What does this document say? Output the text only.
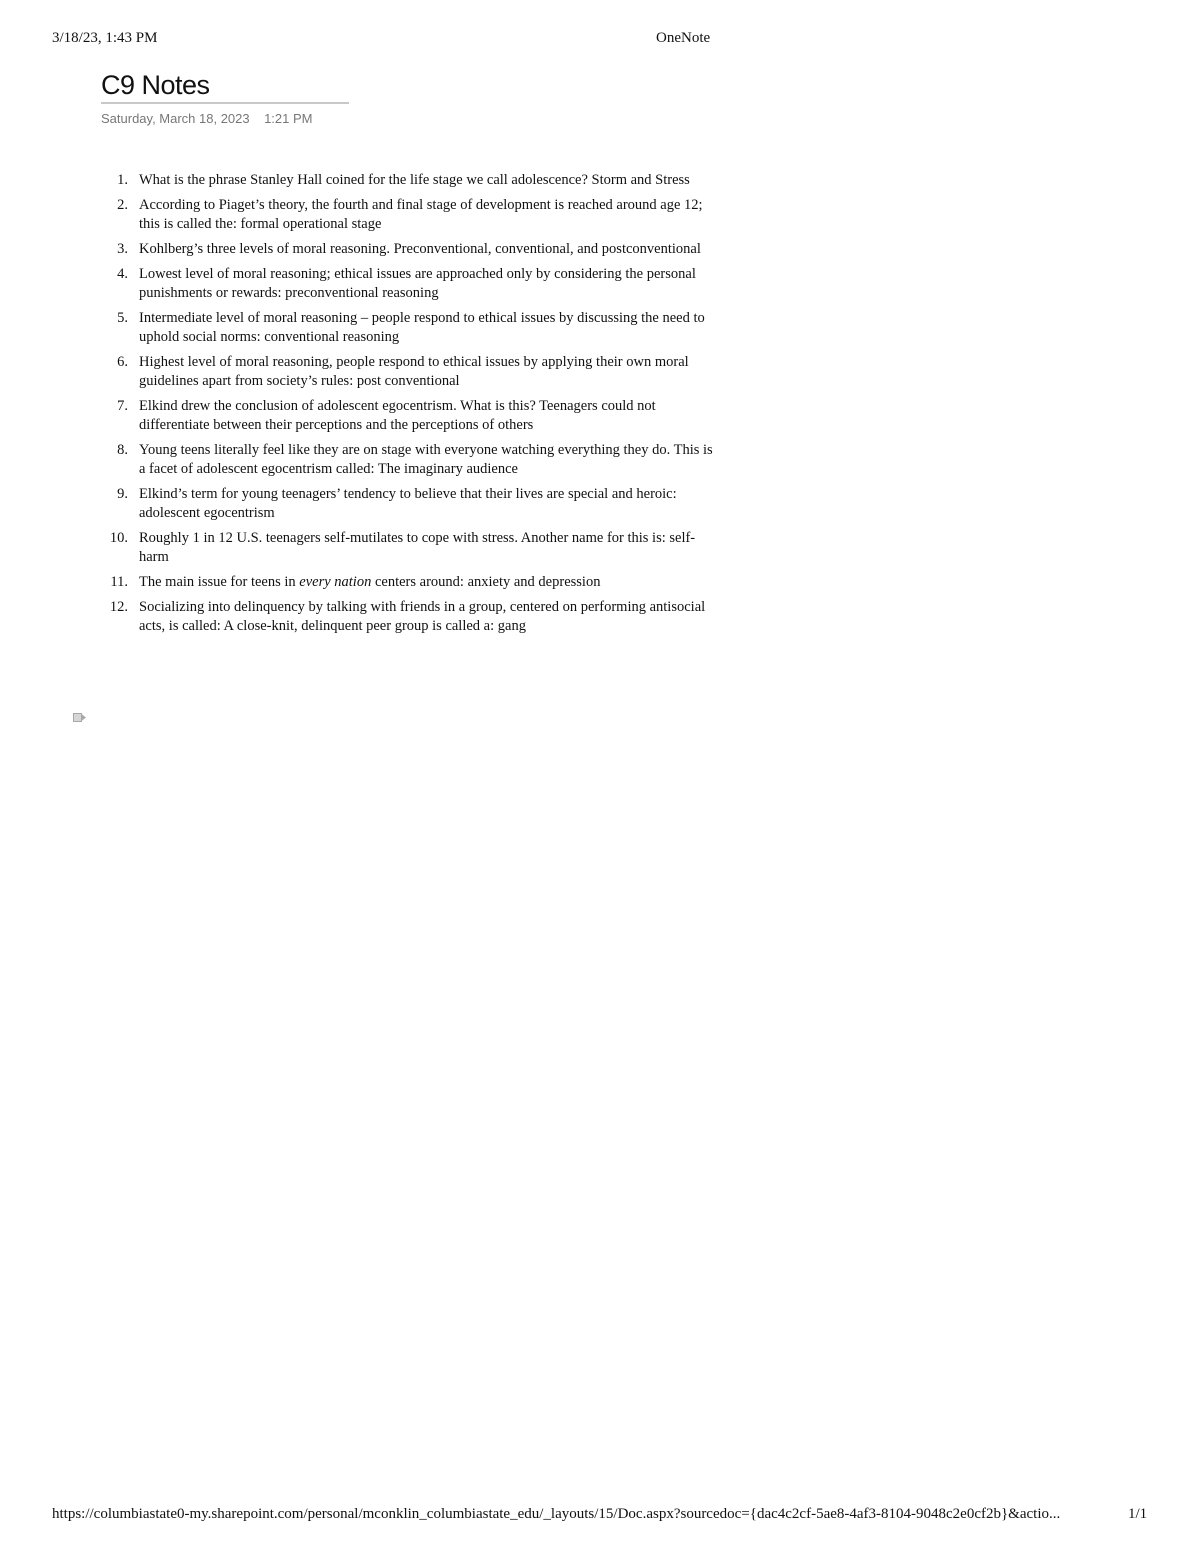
3/18/23, 1:43 PM	OneNote
C9 Notes
Saturday, March 18, 2023    1:21 PM
1. What is the phrase Stanley Hall coined for the life stage we call adolescence? Storm and Stress
2. According to Piaget’s theory, the fourth and final stage of development is reached around age 12; this is called the: formal operational stage
3. Kohlberg’s three levels of moral reasoning. Preconventional, conventional, and postconventional
4. Lowest level of moral reasoning; ethical issues are approached only by considering the personal punishments or rewards: preconventional reasoning
5. Intermediate level of moral reasoning – people respond to ethical issues by discussing the need to uphold social norms: conventional reasoning
6. Highest level of moral reasoning, people respond to ethical issues by applying their own moral guidelines apart from society’s rules: post conventional
7. Elkind drew the conclusion of adolescent egocentrism. What is this? Teenagers could not differentiate between their perceptions and the perceptions of others
8. Young teens literally feel like they are on stage with everyone watching everything they do. This is a facet of adolescent egocentrism called: The imaginary audience
9. Elkind’s term for young teenagers’ tendency to believe that their lives are special and heroic: adolescent egocentrism
10. Roughly 1 in 12 U.S. teenagers self-mutilates to cope with stress. Another name for this is: self-harm
11. The main issue for teens in every nation centers around: anxiety and depression
12. Socializing into delinquency by talking with friends in a group, centered on performing antisocial acts, is called: A close-knit, delinquent peer group is called a: gang
https://columbiastate0-my.sharepoint.com/personal/mconklin_columbiastate_edu/_layouts/15/Doc.aspx?sourcedoc={dac4c2cf-5ae8-4af3-8104-9048c2e0cf2b}&actio...	1/1
